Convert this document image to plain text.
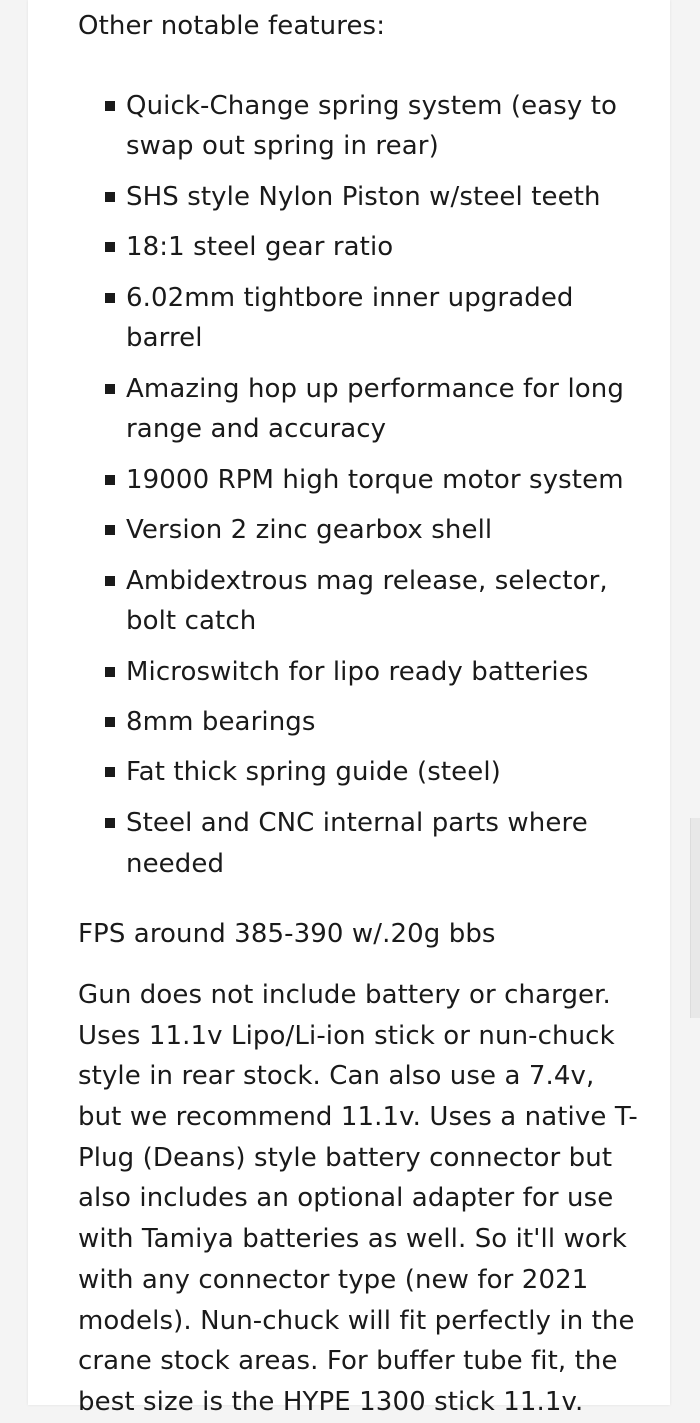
Other notable features:

Quick-Change spring system (easy to swap out spring in rear)
SHS style Nylon Piston w/steel teeth
18:1 steel gear ratio
6.02mm tightbore inner upgraded barrel
Amazing hop up performance for long range and accuracy
19000 RPM high torque motor system
Version 2 zinc gearbox shell
Ambidextrous mag release, selector, bolt catch
Microswitch for lipo ready batteries
8mm bearings
Fat thick spring guide (steel)
Steel and CNC internal parts where needed

FPS around 385-390 w/.20g bbs

Gun does not include battery or charger. Uses 11.1v Lipo/Li-ion stick or nun-chuck style in rear stock. Can also use a 7.4v, but we recommend 11.1v. Uses a native T-Plug (Deans) style battery connector but also includes an optional adapter for use with Tamiya batteries as well. So it'll work with any connector type (new for 2021 models). Nun-chuck will fit perfectly in the crane stock areas. For buffer tube fit, the best size is the HYPE 1300 stick 11.1v.
